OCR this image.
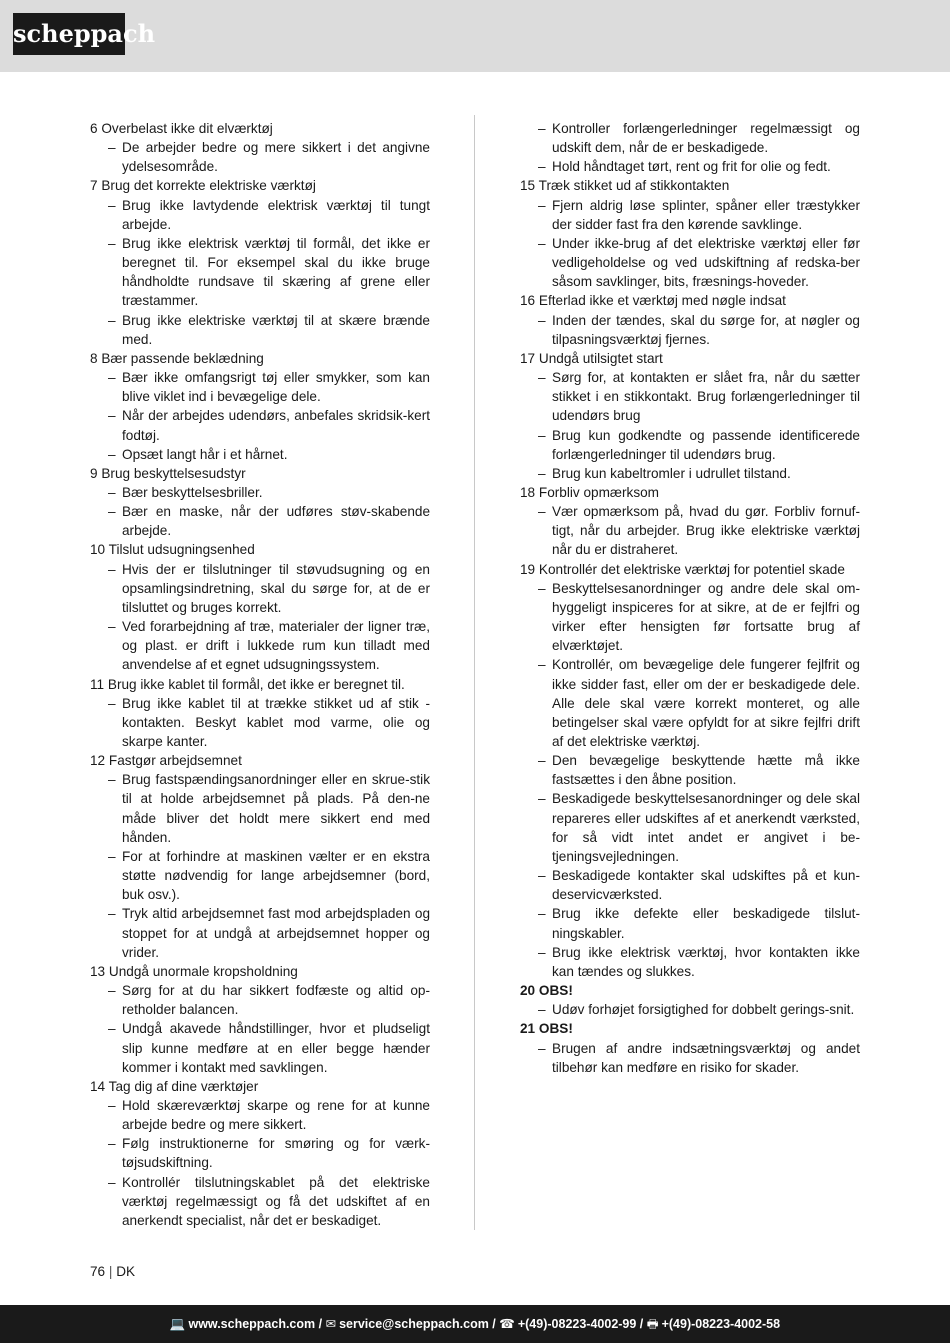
scheppach

6 Overbelast ikke dit elværktøj

– De arbejder bedre og mere sikkert i det angivne ydelsesområde.

7 Brug det korrekte elektriske værktøj

– Brug ikke lavtydende elektrisk værktøj til tungt arbejde.

– Brug ikke elektrisk værktøj til formål, det ikke er beregnet til. For eksempel skal du ikke bruge håndholdte rundsave til skæring af grene eller træstammer.

– Brug ikke elektriske værktøj til at skære brænde med.

8 Bær passende beklædning

– Bær ikke omfangsrigt tøj eller smykker, som kan blive viklet ind i bevægelige dele.

– Når der arbejdes udendørs, anbefales skridsik-kert fodtøj.

– Opsæt langt hår i et hårnet.

9 Brug beskyttelsesudstyr

– Bær beskyttelsesbriller.

– Bær en maske, når der udføres støv-skabende arbejde.

10 Tilslut udsugningsenhed

– Hvis der er tilslutninger til støvudsugning og en opsamlingsindretning, skal du sørge for, at de er tilsluttet og bruges korrekt.

– Ved forarbejdning af træ, materialer der ligner træ, og plast. er drift i lukkede rum kun tilladt med anvendelse af et egnet udsugningssystem.

11 Brug ikke kablet til formål, det ikke er beregnet til.

– Brug ikke kablet til at trække stikket ud af stik - kontakten. Beskyt kablet mod varme, olie og skarpe kanter.

12 Fastgør arbejdsemnet

– Brug fastspændingsanordninger eller en skrue-stik til at holde arbejdsemnet på plads. På den-ne måde bliver det holdt mere sikkert end med hånden.

– For at forhindre at maskinen vælter er en ekstra støtte nødvendig for lange arbejdsemner (bord, buk osv.).

– Tryk altid arbejdsemnet fast mod arbejdspladen og stoppet for at undgå at arbejdsemnet hopper og vrider.

13 Undgå unormale kropsholdning

– Sørg for at du har sikkert fodfæste og altid op-retholder balancen.

– Undgå akavede håndstillinger, hvor et pludseligt slip kunne medføre at en eller begge hænder kommer i kontakt med savklingen.

14 Tag dig af dine værktøjer

– Hold skæreværktøj skarpe og rene for at kunne arbejde bedre og mere sikkert.

– Følg instruktionerne for smøring og for værk-tøjsudskiftning.

– Kontrollér tilslutningskablet på det elektriske værktøj regelmæssigt og få det udskiftet af en anerkendt specialist, når det er beskadiget.

– Kontroller forlængerledninger regelmæssigt og udskift dem, når de er beskadigede.

– Hold håndtaget tørt, rent og frit for olie og fedt.

15 Træk stikket ud af stikkontakten

– Fjern aldrig løse splinter, spåner eller træstykker der sidder fast fra den kørende savklinge.

– Under ikke-brug af det elektriske værktøj eller før vedligeholdelse og ved udskiftning af redska-ber såsom savklinger, bits, fræsnings-hoveder.

16 Efterlad ikke et værktøj med nøgle indsat

– Inden der tændes, skal du sørge for, at nøgler og tilpasningsværktøj fjernes.

17 Undgå utilsigtet start

– Sørg for, at kontakten er slået fra, når du sætter stikket i en stikkontakt. Brug forlængerledninger til udendørs brug

– Brug kun godkendte og passende identificerede forlængerledninger til udendørs brug.

– Brug kun kabeltromler i udrullet tilstand.

18 Forbliv opmærksom

– Vær opmærksom på, hvad du gør. Forbliv fornuf-tigt, når du arbejder. Brug ikke elektriske værktøj når du er distraheret.

19 Kontrollér det elektriske værktøj for potentiel skade

– Beskyttelsesanordninger og andre dele skal om-hyggeligt inspiceres for at sikre, at de er fejlfri og virker efter hensigten før fortsatte brug af elværktøjet.

– Kontrollér, om bevægelige dele fungerer fejlfrit og ikke sidder fast, eller om der er beskadigede dele. Alle dele skal være korrekt monteret, og alle betingelser skal være opfyldt for at sikre fejlfri drift af det elektriske værktøj.

– Den bevægelige beskyttende hætte må ikke fastsættes i den åbne position.

– Beskadigede beskyttelsesanordninger og dele skal repareres eller udskiftes af et anerkendt værksted, for så vidt intet andet er angivet i be-tjeningsvejledningen.

– Beskadigede kontakter skal udskiftes på et kun-deservicværksted.

– Brug ikke defekte eller beskadigede tilslut-ningskabler.

– Brug ikke elektrisk værktøj, hvor kontakten ikke kan tændes og slukkes.

20 OBS!

– Udøv forhøjet forsigtighed for dobbelt gerings-snit.

21 OBS!

– Brugen af andre indsætningsværktøj og andet tilbehør kan medføre en risiko for skader.

76 | DK
💻 www.scheppach.com / ✉ service@scheppach.com / ☎ +(49)-08223-4002-99 / 🖶 +(49)-08223-4002-58
